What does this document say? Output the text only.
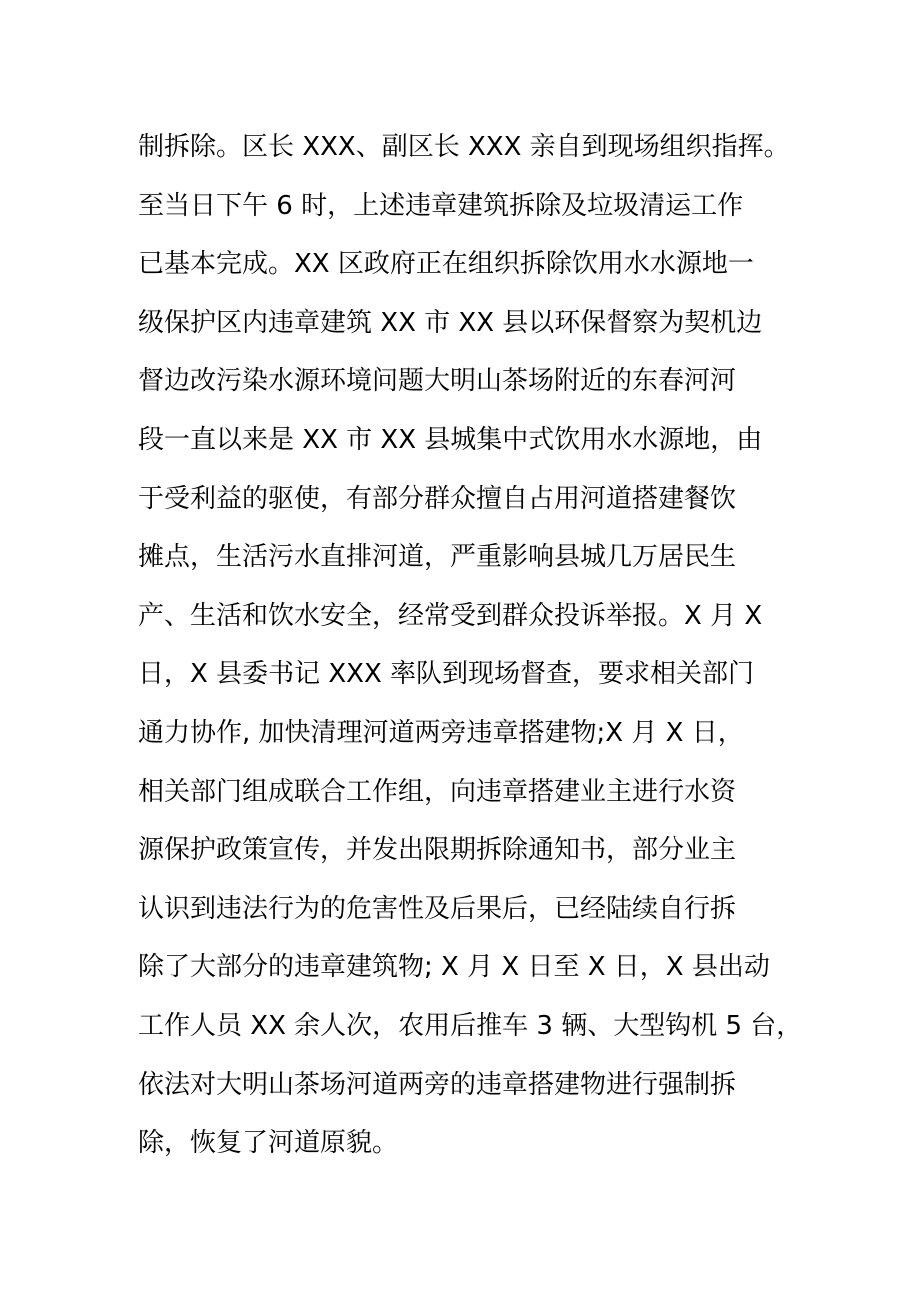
制拆除。区长 XXX、副区长 XXX 亲自到现场组织指挥。
至当日下午 6 时，上述违章建筑拆除及垃圾清运工作
已基本完成。XX 区政府正在组织拆除饮用水水源地一
级保护区内违章建筑 XX 市 XX 县以环保督察为契机边
督边改污染水源环境问题大明山茶场附近的东春河河
段一直以来是 XX 市 XX 县城集中式饮用水水源地，由
于受利益的驱使，有部分群众擅自占用河道搭建餐饮
摊点，生活污水直排河道，严重影响县城几万居民生
产、生活和饮水安全，经常受到群众投诉举报。X 月 X
日，X 县委书记 XXX 率队到现场督查，要求相关部门
通力协作, 加快清理河道两旁违章搭建物;X 月 X 日，
相关部门组成联合工作组，向违章搭建业主进行水资
源保护政策宣传，并发出限期拆除通知书，部分业主
认识到违法行为的危害性及后果后，已经陆续自行拆
除了大部分的违章建筑物; X 月 X 日至 X 日，X 县出动
工作人员 XX 余人次，农用后推车 3 辆、大型钩机 5 台，
依法对大明山茶场河道两旁的违章搭建物进行强制拆
除，恢复了河道原貌。
